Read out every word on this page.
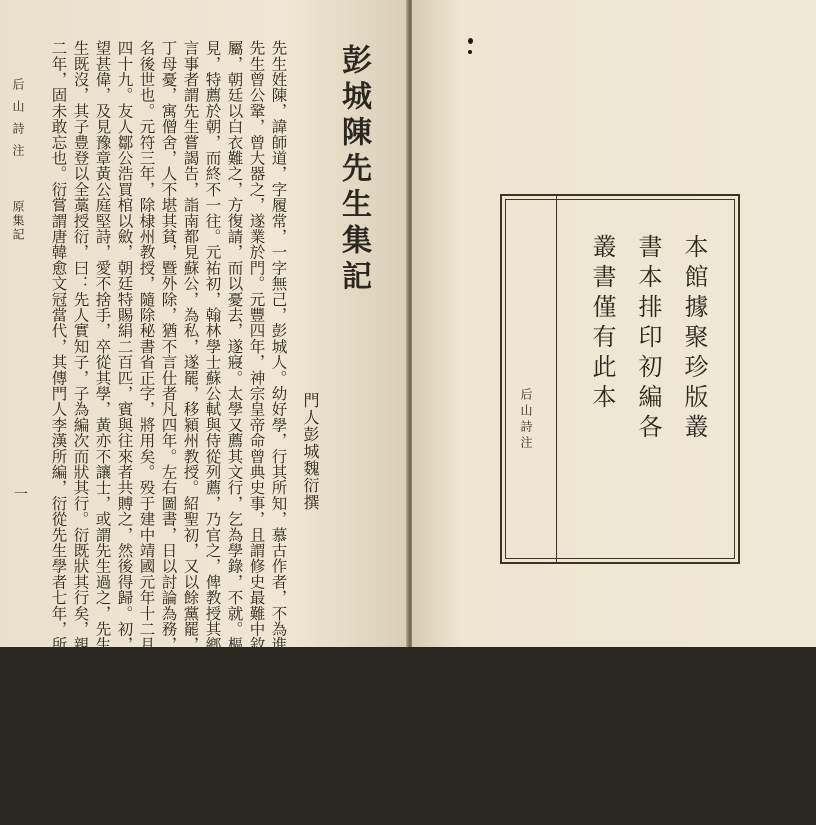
彭城陳先生集記
門人彭城魏衍撰
先生姓陳，諱師道，字履常，一字無己，彭城人。幼好學，行其所知，慕古作者，不為進取計也。年十六，謁南豐
先生曾公鞏，曾大器之，遂業於門。元豐四年，神宗皇帝命曾典史事，且謂修史最難中敘，切至，曾薦為其
屬，朝廷以白衣難之，方復請，而以憂去，遂寢。太學又薦其文行，乞為學錄，不就。樞密章公惇高其義，嘗來
見，特薦於朝，而終不一往。元祐初，翰林學士蘇公軾與侍從列薦，乃官之，俾教授其鄉，未幾除太學博士，
言事者謂先生嘗謁告，詣南都見蘇公，為私，遂罷，移潁州教授。紹聖初，又以餘黨罷，換江州彭澤令，未行，
丁母憂，寓僧舍，人不堪其貧，暨外除，猶不言仕者凡四年。左右圖書，日以討論為務，蓋其志專欲以文學
名後世也。元符三年，除棣州教授，隨除秘書省正字，將用矣。殁于建中靖國元年十二月之二十九日，年
四十九。友人鄒公浩買棺以斂，朝廷特賜絹二百匹，賓與往來者共賻之，然後得歸。初，先生學于曾公，譽
望甚偉，及見豫章黃公庭堅詩，愛不捨手，卒從其學，黃亦不讓士，或謂先生過之，先生惟自謂不及也。先
生既沒，其子豊登以全藁授衍，曰：先人實知子，子為編次而狀其行。衍既狀其行矣，親錄藏于家者，今十
二年，固未敢忘也。衍嘗謂唐韓愈文冠當代，其傳門人李漢所編，衍從先生學者七年，所得為多，今又受
后山詩注
原集記
一
本館據聚珍版叢
書本排印初編各
叢書僅有此本
后山詩注
